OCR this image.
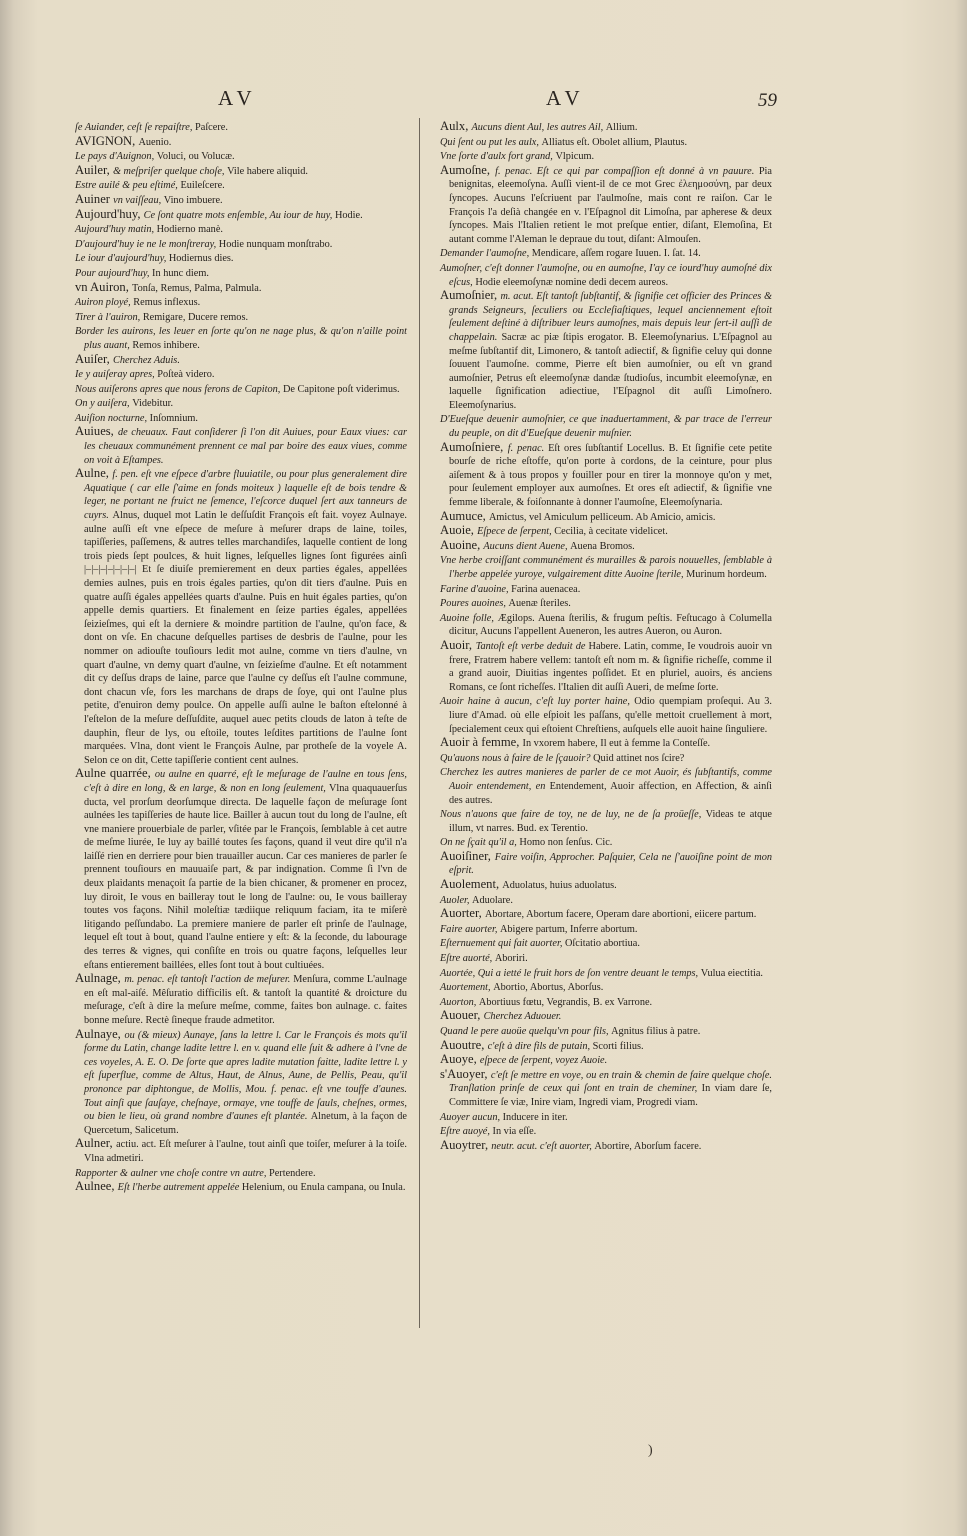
AV	AV	59

ſe Auiander, ceſt ſe repaiſtre, Paſcere.

AVIGNON, Auenio.

Le pays d'Auignon, Voluci, ou Volucæ.

Auiler, & meſpriſer quelque choſe, Vile habere aliquid.

Estre auilé & peu eſtimé, Euileſcere.

Auiner vn vaiſſeau, Vino imbuere.

Aujourd'huy, Ce ſont quatre mots enſemble, Au iour de huy, Hodie.

Aujourd'huy matin, Hodierno manè.

D'aujourd'huy ie ne le monſtreray, Hodie nunquam monſtrabo.

Le iour d'aujourd'huy, Hodiernus dies.

Pour aujourd'huy, In hunc diem.

vn Auiron, Tonſa, Remus, Palma, Palmula.

Auiron ployé, Remus inflexus.

Tirer à l'auiron, Remigare, Ducere remos.

Border les auirons, les leuer en ſorte qu'on ne nage plus, & qu'on n'aille point plus auant, Remos inhibere.

Auiſer, Cherchez Aduis.

Ie y auiſeray apres, Poſteà videro.

Nous auiſerons apres que nous ferons de Capiton, De Capitone poſt viderimus.

On y auiſera, Videbitur.

Auiſion nocturne, Inſomnium.

Auiues, de cheuaux. Faut conſiderer ſi l'on dit Auiues, pour Eaux viues: car les cheuaux communément prennent ce mal par boire des eaux viues, comme on voit à Eſtampes.

Aulne, f. pen. eſt vne eſpece d'arbre fluuiatile, ou pour plus generalement dire Aquatique ( car elle ſ'aime en fonds moiteux ) laquelle eſt de bois tendre & leger, ne portant ne fruict ne ſemence, l'eſcorce duquel ſert aux tanneurs de cuyrs. Alnus, duquel mot Latin le deſſuſdit François eſt fait. voyez Aulnaye. aulne auſſi eſt vne eſpece de meſure à meſurer draps de laine, toiles, tapiſſeries, paſſemens, & autres telles marchandiſes, laquelle contient de long trois pieds ſept poulces, & huit lignes, leſquelles lignes ſont figurées ainſi |–|–|–|–|–|–|–| Et ſe diuiſe premierement en deux parties égales, appellées demies aulnes, puis en trois égales parties, qu'on dit tiers d'aulne. Puis en quatre auſſi égales appellées quarts d'aulne. Puis en huit égales parties, qu'on appelle demis quartiers. Et finalement en ſeize parties égales, appellées ſeizieſmes, qui eſt la derniere & moindre partition de l'aulne, qu'on face, & dont on vſe. En chacune deſquelles partises de desbris de l'aulne, pour les nommer on adiouſte touſiours ledit mot aulne, comme vn tiers d'aulne, vn quart d'aulne, vn demy quart d'aulne, vn ſeizieſme d'aulne. Et eſt notamment dit cy deſſus draps de laine, parce que l'aulne cy deſſus eſt l'aulne commune, dont chacun vſe, fors les marchans de draps de ſoye, qui ont l'aulne plus petite, d'enuiron demy poulce. On appelle auſſi aulne le baſton eſtelonné à l'eſtelon de la meſure deſſuſdite, auquel auec petits clouds de laton à teſte de dauphin, fleur de lys, ou eſtoile, toutes leſdites partitions de l'aulne ſont marquées. Vlna, dont vient le François Aulne, par protheſe de la voyele A. Selon ce on dit, Cette tapiſſerie contient cent aulnes.

Aulne quarrée, ou aulne en quarré, eſt le meſurage de l'aulne en tous ſens, c'eſt à dire en long, & en large, & non en long ſeulement, Vlna quaquauerſus ducta, vel prorſum deorſumque directa. De laquelle façon de meſurage ſont aulnées les tapiſſeries de haute lice. Bailler à aucun tout du long de l'aulne, eſt vne maniere prouerbiale de parler, vſitée par le François, ſemblable à cet autre de meſme liurée, Ie luy ay baillé toutes ſes façons, quand il veut dire qu'il n'a laiſſé rien en derriere pour bien trauailler aucun. Car ces manieres de parler ſe prennent touſiours en mauuaiſe part, & par indignation. Comme ſi l'vn de deux plaidants menaçoit ſa partie de la bien chicaner, & promener en procez, luy diroit, Ie vous en bailleray tout le long de l'aulne: ou, Ie vous bailleray toutes vos façons. Nihil moleſtiæ tædiique reliquum faciam, ita te miſerè litigando peſſundabo. La premiere maniere de parler eſt prinſe de l'aulnage, lequel eſt tout à bout, quand l'aulne entiere y eſt: & la ſeconde, du labourage des terres & vignes, qui conſiſte en trois ou quatre façons, leſquelles leur eſtans entierement baillées, elles ſont tout à bout cultiuées.

Aulnage, m. penac. eſt tantoſt l'action de meſurer. Menſura, comme L'aulnage en eſt mal-aiſé. Mêſuratio difficilis eſt. & tantoſt la quantité & droicture du meſurage, c'eſt à dire la meſure meſme, comme, faites bon aulnage. c. faites bonne meſure. Rectè ſineque fraude admetitor.

Aulnaye, ou (& mieux) Aunaye, ſans la lettre l. Car le François és mots qu'il forme du Latin, change ladite lettre l. en v. quand elle ſuit & adhere à l'vne de ces voyeles, A. E. O. De ſorte que apres ladite mutation faitte, ladite lettre l. y eſt ſuperflue, comme de Altus, Haut, de Alnus, Aune, de Pellis, Peau, qu'il prononce par diphtongue, de Mollis, Mou. f. penac. eſt vne touffe d'aunes. Tout ainſi que ſauſaye, cheſnaye, ormaye, vne touffe de ſauls, cheſnes, ormes, ou bien le lieu, où grand nombre d'aunes eſt plantée. Alnetum, à la façon de Quercetum, Salicetum.

Aulner, actiu. act. Eſt meſurer à l'aulne, tout ainſi que toiſer, meſurer à la toiſe. Vlna admetiri.

Rapporter & aulner vne choſe contre vn autre, Pertendere.

Aulnee, Eſt l'herbe autrement appelée Helenium, ou Enula campana, ou Inula.

Aulx, Aucuns dient Aul, les autres Ail, Allium.

Qui ſent ou put les aulx, Alliatus eſt. Obolet allium, Plautus.

Vne ſorte d'aulx fort grand, Vlpicum.

Aumoſne, f. penac. Eſt ce qui par compaſſion eſt donné à vn pauure. Pia benignitas, eleemoſyna. Auſſi vient-il de ce mot Grec ἐλεημοσύνη, par deux ſyncopes. Aucuns l'eſcriuent par l'aulmoſne, mais cont re raiſon. Car le François l'a deſià changée en v. l'Eſpagnol dit Limoſna, par apherese & deux ſyncopes. Mais l'Italien retient le mot preſque entier, diſant, Elemoſina, Et autant comme l'Aleman le depraue du tout, diſant: Almouſen.

Demander l'aumoſne, Mendicare, aſſem rogare Iuuen. I. ſat. 14.

Aumoſner, c'eſt donner l'aumoſne, ou en aumoſne, I'ay ce iourd'huy aumoſné dix eſcus, Hodie eleemoſynæ nomine dedi decem aureos.

Aumoſnier, m. acut. Eſt tantoſt ſubſtantif, & ſignifie cet officier des Princes & grands Seigneurs, ſeculiers ou Eccleſiaſtiques, lequel anciennement eſtoit ſeulement deſtiné à diſtribuer leurs aumoſnes, mais depuis leur ſert-il auſſi de chappelain. Sacræ ac piæ ſtipis erogator. B. Eleemoſynarius. L'Eſpagnol au meſme ſubſtantif dit, Limonero, & tantoſt adiectif, & ſignifie celuy qui donne ſouuent l'aumoſne. comme, Pierre eſt bien aumoſnier, ou eſt vn grand aumoſnier, Petrus eſt eleemoſynæ dandæ ſtudioſus, incumbit eleemoſynæ, en laquelle ſignification adiectiue, l'Eſpagnol dit auſſi Limoſnero. Eleemoſynarius.

D'Eueſque deuenir aumoſnier, ce que inaduertamment, & par trace de l'erreur du peuple, on dit d'Eueſque deuenir muſnier.

Aumoſniere, f. penac. Eſt ores ſubſtantif Locellus. B. Et ſignifie cete petite bourſe de riche eſtoffe, qu'on porte à cordons, de la ceinture, pour plus aiſement & à tous propos y fouiller pour en tirer la monnoye qu'on y met, pour ſeulement employer aux aumoſnes. Et ores eſt adiectif, & ſignifie vne femme liberale, & foiſonnante à donner l'aumoſne, Eleemoſynaria.

Aumuce, Amictus, vel Amiculum pelliceum. Ab Amicio, amicis.

Auoie, Eſpece de ſerpent, Cecilia, à cecitate videlicet.

Auoine, Aucuns dient Auene, Auena Bromos.

Vne herbe croiſſant communément és murailles & parois nouuelles, ſemblable à l'herbe appelée yuroye, vulgairement ditte Auoine ſterile, Murinum hordeum.

Farine d'auoine, Farina auenacea.

Poures auoines, Auenæ ſteriles.

Auoine folle, Ægilops. Auena ſterilis, & frugum peſtis. Feſtucago à Columella dicitur, Aucuns l'appellent Aueneron, les autres Aueron, ou Auron.

Auoir, Tantoſt eſt verbe deduit de Habere. Latin, comme, Ie voudrois auoir vn frere, Fratrem habere vellem: tantoſt eſt nom m. & ſignifie richeſſe, comme il a grand auoir, Diuitias ingentes poſſidet. Et en pluriel, auoirs, és anciens Romans, ce ſont richeſſes. l'Italien dit auſſi Aueri, de meſme ſorte.

Auoir haine à aucun, c'eſt luy porter haine, Odio quempiam proſequi. Au 3. liure d'Amad. où elle eſpioit les paſſans, qu'elle mettoit cruellement à mort, ſpecialement ceux qui eſtoient Chreſtiens, auſquels elle auoit haine ſinguliere.

Auoir à femme, In vxorem habere, Il eut à femme la Conteſſe.

Qu'auons nous à faire de le ſçauoir? Quid attinet nos ſcire?

Cherchez les autres manieres de parler de ce mot Auoir, és ſubſtantifs, comme Auoir entendement, en Entendement, Auoir affection, en Affection, & ainſi des autres.

Nous n'auons que faire de toy, ne de luy, ne de ſa proüeſſe, Videas te atque illum, vt narres. Bud. ex Terentio.

On ne ſçait qu'il a, Homo non ſenſus. Cic.

Auoiſiner, Faire voiſin, Approcher. Paſquier, Cela ne ſ'auoiſine point de mon eſprit.

Auolement, Aduolatus, huius aduolatus.

Auoler, Aduolare.

Auorter, Abortare, Abortum facere, Operam dare abortioni, eiicere partum.

Faire auorter, Abigere partum, Inferre abortum.

Eſternuement qui fait auorter, Oſcitatio abortiua.

Eſtre auorté, Aboriri.

Auortée, Qui a ietté le fruit hors de ſon ventre deuant le temps, Vulua eiectitia.

Auortement, Abortio, Abortus, Aborſus.

Auorton, Abortiuus fœtu, Vegrandis, B. ex Varrone.

Auouer, Cherchez Aduouer.

Quand le pere auoüe quelqu'vn pour fils, Agnitus filius à patre.

Auoutre, c'eſt à dire fils de putain, Scorti filius.

Auoye, eſpece de ſerpent, voyez Auoie.

s'Auoyer, c'eſt ſe mettre en voye, ou en train & chemin de faire quelque choſe. Tranſlation prinſe de ceux qui ſont en train de cheminer, In viam dare ſe, Committere ſe viæ, Inire viam, Ingredi viam, Progredi viam.

Auoyer aucun, Inducere in iter.

Eſtre auoyé, In via eſſe.

Auoytrer, neutr. acut. c'eſt auorter, Abortire, Aborſum facere.

)
